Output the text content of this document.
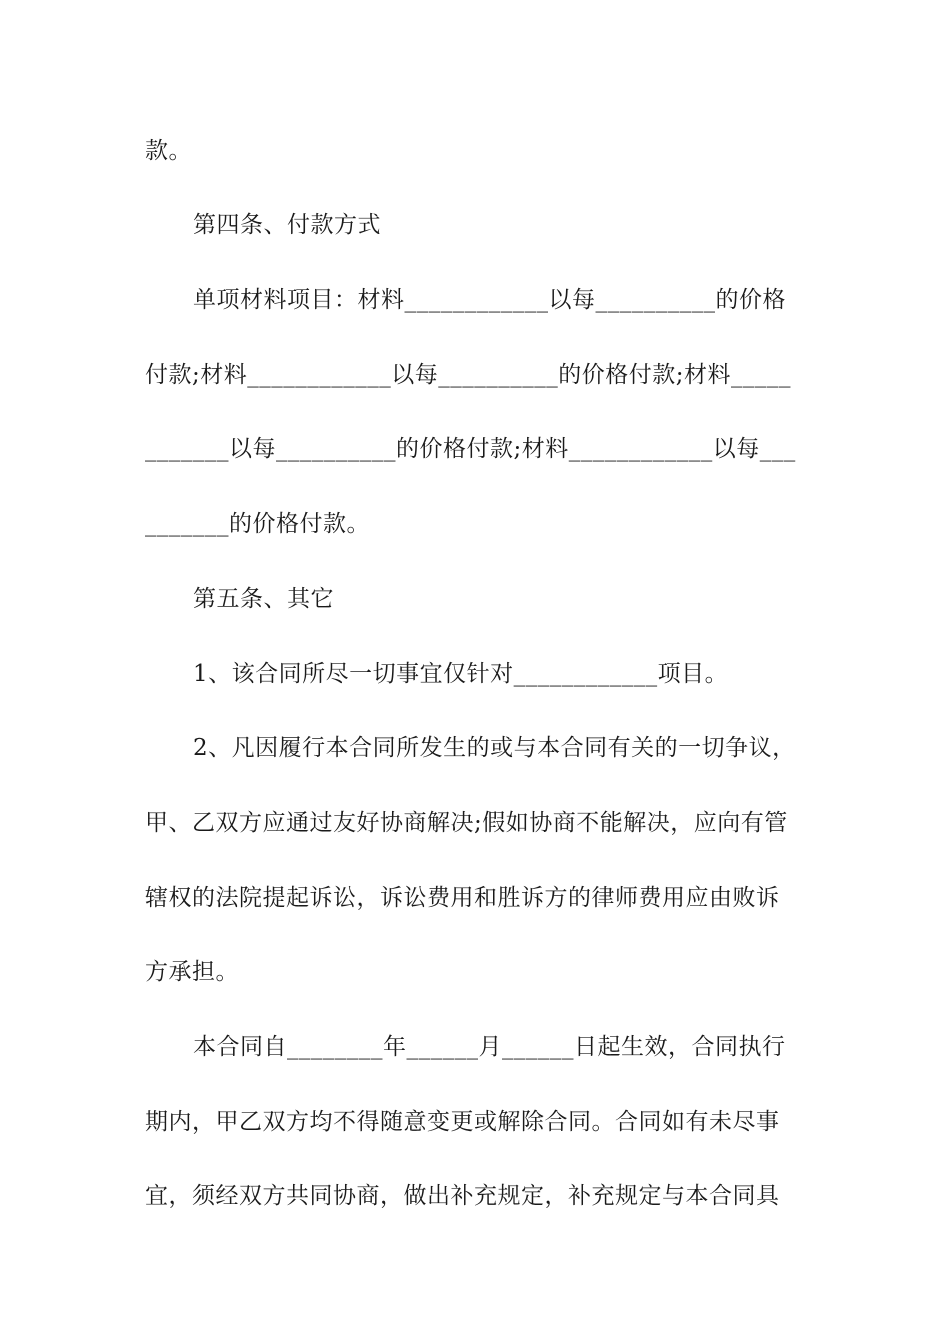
款。
第四条、付款方式
单项材料项目：材料____________以每__________的价格
付款;材料____________以每__________的价格付款;材料_____
_______以每__________的价格付款;材料____________以每___
_______的价格付款。
第五条、其它
1、该合同所尽一切事宜仅针对____________项目。
2、凡因履行本合同所发生的或与本合同有关的一切争议，
甲、乙双方应通过友好协商解决;假如协商不能解决，应向有管
辖权的法院提起诉讼，诉讼费用和胜诉方的律师费用应由败诉
方承担。
本合同自________年______月______日起生效，合同执行
期内，甲乙双方均不得随意变更或解除合同。合同如有未尽事
宜，须经双方共同协商，做出补充规定，补充规定与本合同具
